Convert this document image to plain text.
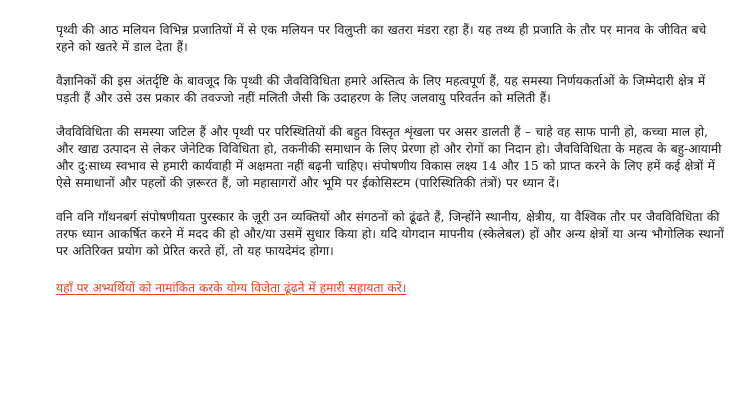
पृथ्वी की आठ मलियन विभिन्न प्रजातियों में से एक मलियन पर विलुप्ती का खतरा मंडरा रहा हैं। यह तथ्य ही प्रजाति के तौर पर मानव के जीवित बचे रहने को खतरे में डाल देता हैं।

वैज्ञानिकों की इस अंतर्दृष्टि के बावजूद कि पृथ्वी की जैवविविधिता हमारे अस्तित्व के लिए महत्वपूर्ण हैं, यह समस्या निर्णयकर्ताओं के जिम्मेदारी क्षेत्र में पड़ती हैं और उसे उस प्रकार की तवज्जो नहीं मलिती जैसी कि उदाहरण के लिए जलवायु परिवर्तन को मलिती हैं।

जैवविविधिता की समस्या जटिल हैं और पृथ्वी पर परिस्थितियों की बहुत विस्तृत शृंखला पर असर डालती हैं – चाहे वह साफ पानी हो, कच्चा माल हो, और खाद्य उत्पादन से लेकर जेनेटिक विविधिता हो, तकनीकी समाधान के लिए प्रेरणा हो और रोगों का निदान हो। जैवविविधिता के महत्व के बहु-आयामी और दु:साध्य स्वभाव से हमारी कार्यवाही में अक्षमता नहीं बढ़नी चाहिए। संपोषणीय विकास लक्ष्य 14 और 15 को प्राप्त करने के लिए हमें कई क्षेत्रों में ऐसे समाधानों और पहलों की ज़रूरत हैं, जो महासागरों और भूमि पर ईकोसिस्टम (पारिस्थितिकी तंत्रों) पर ध्यान दें।

वनि वनि गॉथनबर्ग संपोषणीयता पुरस्कार के ज़ूरी उन व्यक्तियों और संगठनों को ढूंढते हैं, जिन्होंने स्थानीय, क्षेत्रीय, या वैश्विक तौर पर जैवविविधिता की तरफ ध्यान आकर्षित करने में मदद की हो और/या उसमें सुधार किया हो। यदि योगदान मापनीय (स्केलेबल) हों और अन्य क्षेत्रों या अन्य भौगोलिक स्थानों पर अतिरिक्त प्रयोग को प्रेरित करते हों, तो यह फायदेमंद होगा।

यहाँ पर अभ्यर्थियों को नामांकित करके योग्य विजेता ढूंढने में हमारी सहायता करें।
